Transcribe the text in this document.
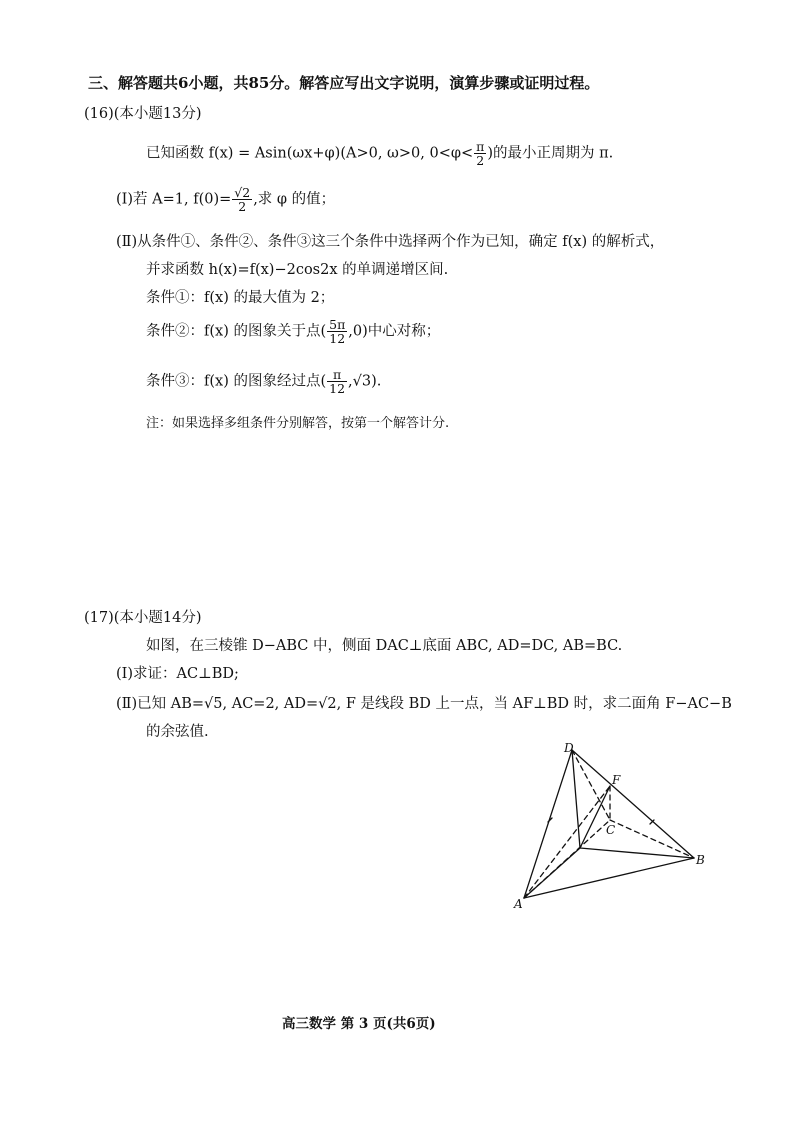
三、解答题共6小题，共85分。解答应写出文字说明，演算步骤或证明过程。
(16)(本小题13分)
已知函数 f(x) = Asin(ωx+φ)(A>0, ω>0, $0<\varphi< \frac{\pi}{2}$ )的最小正周期为 π.
(Ⅰ)若 A=1, $f(0)= \frac{√2}{2}$ ,求 φ 的值；
(Ⅱ)从条件①、条件②、条件③这三个条件中选择两个作为已知，确定 f(x) 的解析式，
并求函数 h(x)=f(x)−2cos2x 的单调递增区间.
条件①：f(x) 的最大值为 2；
条件②：f(x) 的图象关于点( $\frac{5\pi}{12} ,0$)中心对称；
条件③：f(x) 的图象经过点( $\frac{\pi}{12} ,√3$).
注：如果选择多组条件分别解答，按第一个解答计分.
(17)(本小题14分)
如图，在三棱锥 D−ABC 中，侧面 DAC⊥底面 ABC, AD=DC, AB=BC.
(Ⅰ)求证：AC⊥BD;
(Ⅱ)已知 AB=√5, AC=2, AD=√2, F 是线段 BD 上一点，当 AF⊥BD 时，求二面角 F−AC−B
的余弦值.
D
F
C
B
A
高三数学 第 3 页(共6页)
